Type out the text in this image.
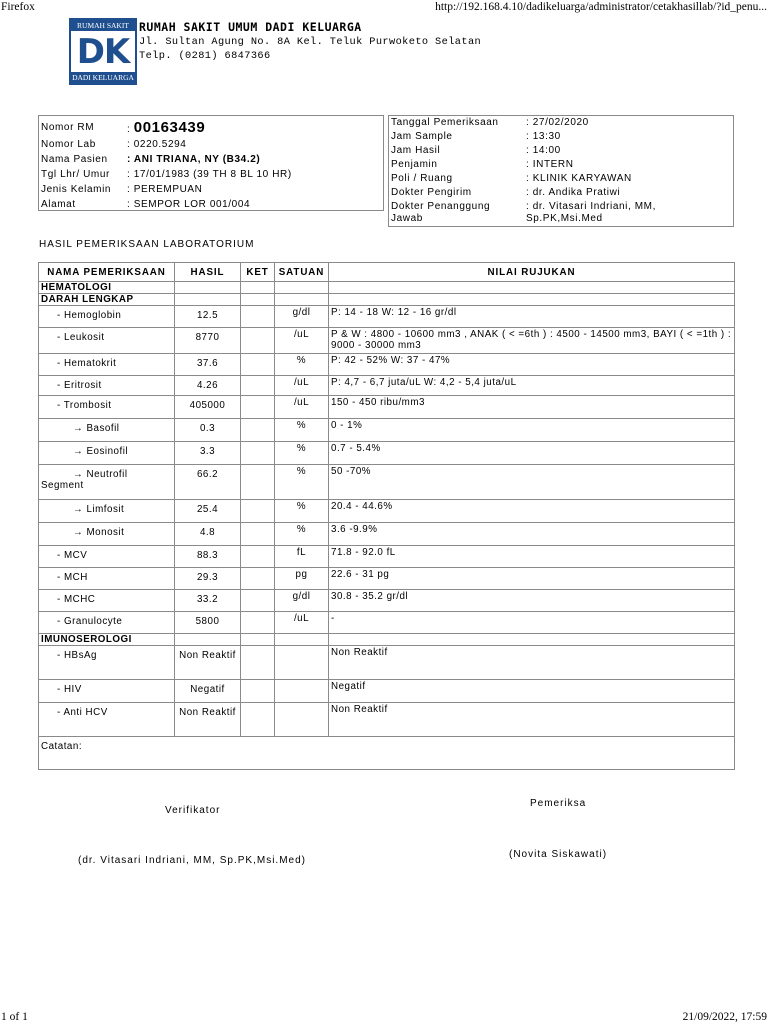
Firefox	http://192.168.4.10/dadikeluarga/administrator/cetakhasillab/?id_penu...
RUMAH SAKIT
DK
DADI KELUARGA
RUMAH SAKIT UMUM DADI KELUARGA
Jl. Sultan Agung No. 8A Kel. Teluk Purwoketo Selatan
Telp. (0281) 6847366
Nomor RM	: 00163439
Nomor Lab	: 0220.5294
Nama Pasien : ANI TRIANA, NY (B34.2)
Tgl Lhr/ Umur : 17/01/1983 (39 TH 8 BL 10 HR)
Jenis Kelamin : PEREMPUAN
Alamat	: SEMPOR LOR 001/004
Tanggal Pemeriksaan	: 27/02/2020
Jam Sample	: 13:30
Jam Hasil	: 14:00
Penjamin	: INTERN
Poli / Ruang	: KLINIK KARYAWAN
Dokter Pengirim	: dr. Andika Pratiwi
Dokter Penanggung Jawab
: dr. Vitasari Indriani, MM, Sp.PK,Msi.Med
HASIL PEMERIKSAAN LABORATORIUM
NAMA PEMERIKSAAN	HASIL	KET	SATUAN	NILAI RUJUKAN
HEMATOLOGI				
DARAH LENGKAP				
- Hemoglobin	12.5		g/dl	P: 14 - 18 W: 12 - 16 gr/dl
- Leukosit	8770		/uL	P & W : 4800 - 10600 mm3 , ANAK ( < =6th ) : 4500 - 14500 mm3, BAYI ( < =1th ) : 9000 - 30000 mm3
- Hematokrit	37.6		%	P: 42 - 52% W: 37 - 47%
- Eritrosit	4.26		/uL	P: 4,7 - 6,7 juta/uL W: 4,2 - 5,4 juta/uL
- Trombosit	405000		/uL	150 - 450 ribu/mm3
→ Basofil	0.3		%	0 - 1%
→ Eosinofil	3.3		%	0.7 - 5.4%
→ Neutrofil Segment	66.2		%	50 -70%
→ Limfosit	25.4		%	20.4 - 44.6%
→ Monosit	4.8		%	3.6 -9.9%
- MCV	88.3		fL	71.8 - 92.0 fL
- MCH	29.3		pg	22.6 - 31 pg
- MCHC	33.2		g/dl	30.8 - 35.2 gr/dl
- Granulocyte	5800		/uL	-
IMUNOSEROLOGI				
- HBsAg	Non Reaktif			Non Reaktif
- HIV	Negatif			Negatif
- Anti HCV	Non Reaktif			Non Reaktif
Catatan:				
Verifikator
Pemeriksa
(dr. Vitasari Indriani, MM, Sp.PK,Msi.Med)
(Novita Siskawati)
1 of 1	21/09/2022, 17:59
